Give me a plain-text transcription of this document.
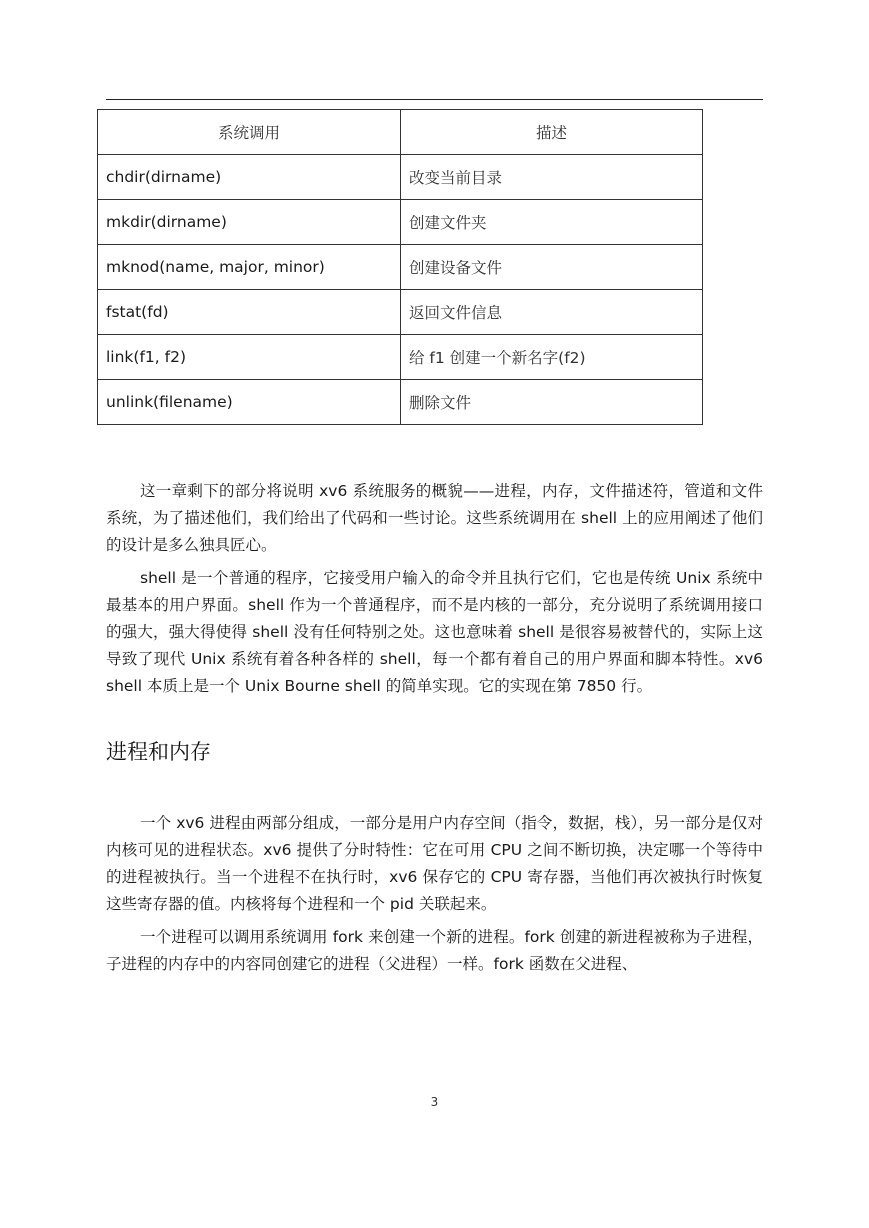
系统调用	描述
chdir(dirname)	改变当前目录
mkdir(dirname)	创建文件夹
mknod(name, major, minor)	创建设备文件
fstat(fd)	返回文件信息
link(f1, f2)	给 f1 创建一个新名字(f2)
unlink(filename)	删除文件

这一章剩下的部分将说明 xv6 系统服务的概貌——进程，内存，文件描述符，管道和文件系统，为了描述他们，我们给出了代码和一些讨论。这些系统调用在 shell 上的应用阐述了他们的设计是多么独具匠心。

shell 是一个普通的程序，它接受用户输入的命令并且执行它们，它也是传统 Unix 系统中最基本的用户界面。shell 作为一个普通程序，而不是内核的一部分，充分说明了系统调用接口的强大，强大得使得 shell 没有任何特别之处。这也意味着 shell 是很容易被替代的，实际上这导致了现代 Unix 系统有着各种各样的 shell，每一个都有着自己的用户界面和脚本特性。xv6 shell 本质上是一个 Unix Bourne shell 的简单实现。它的实现在第 7850 行。

进程和内存

一个 xv6 进程由两部分组成，一部分是用户内存空间（指令，数据，栈），另一部分是仅对内核可见的进程状态。xv6 提供了分时特性：它在可用 CPU 之间不断切换，决定哪一个等待中的进程被执行。当一个进程不在执行时，xv6 保存它的 CPU 寄存器，当他们再次被执行时恢复这些寄存器的值。内核将每个进程和一个 pid 关联起来。

一个进程可以调用系统调用 fork 来创建一个新的进程。fork 创建的新进程被称为子进程，子进程的内存中的内容同创建它的进程（父进程）一样。fork 函数在父进程、

3
